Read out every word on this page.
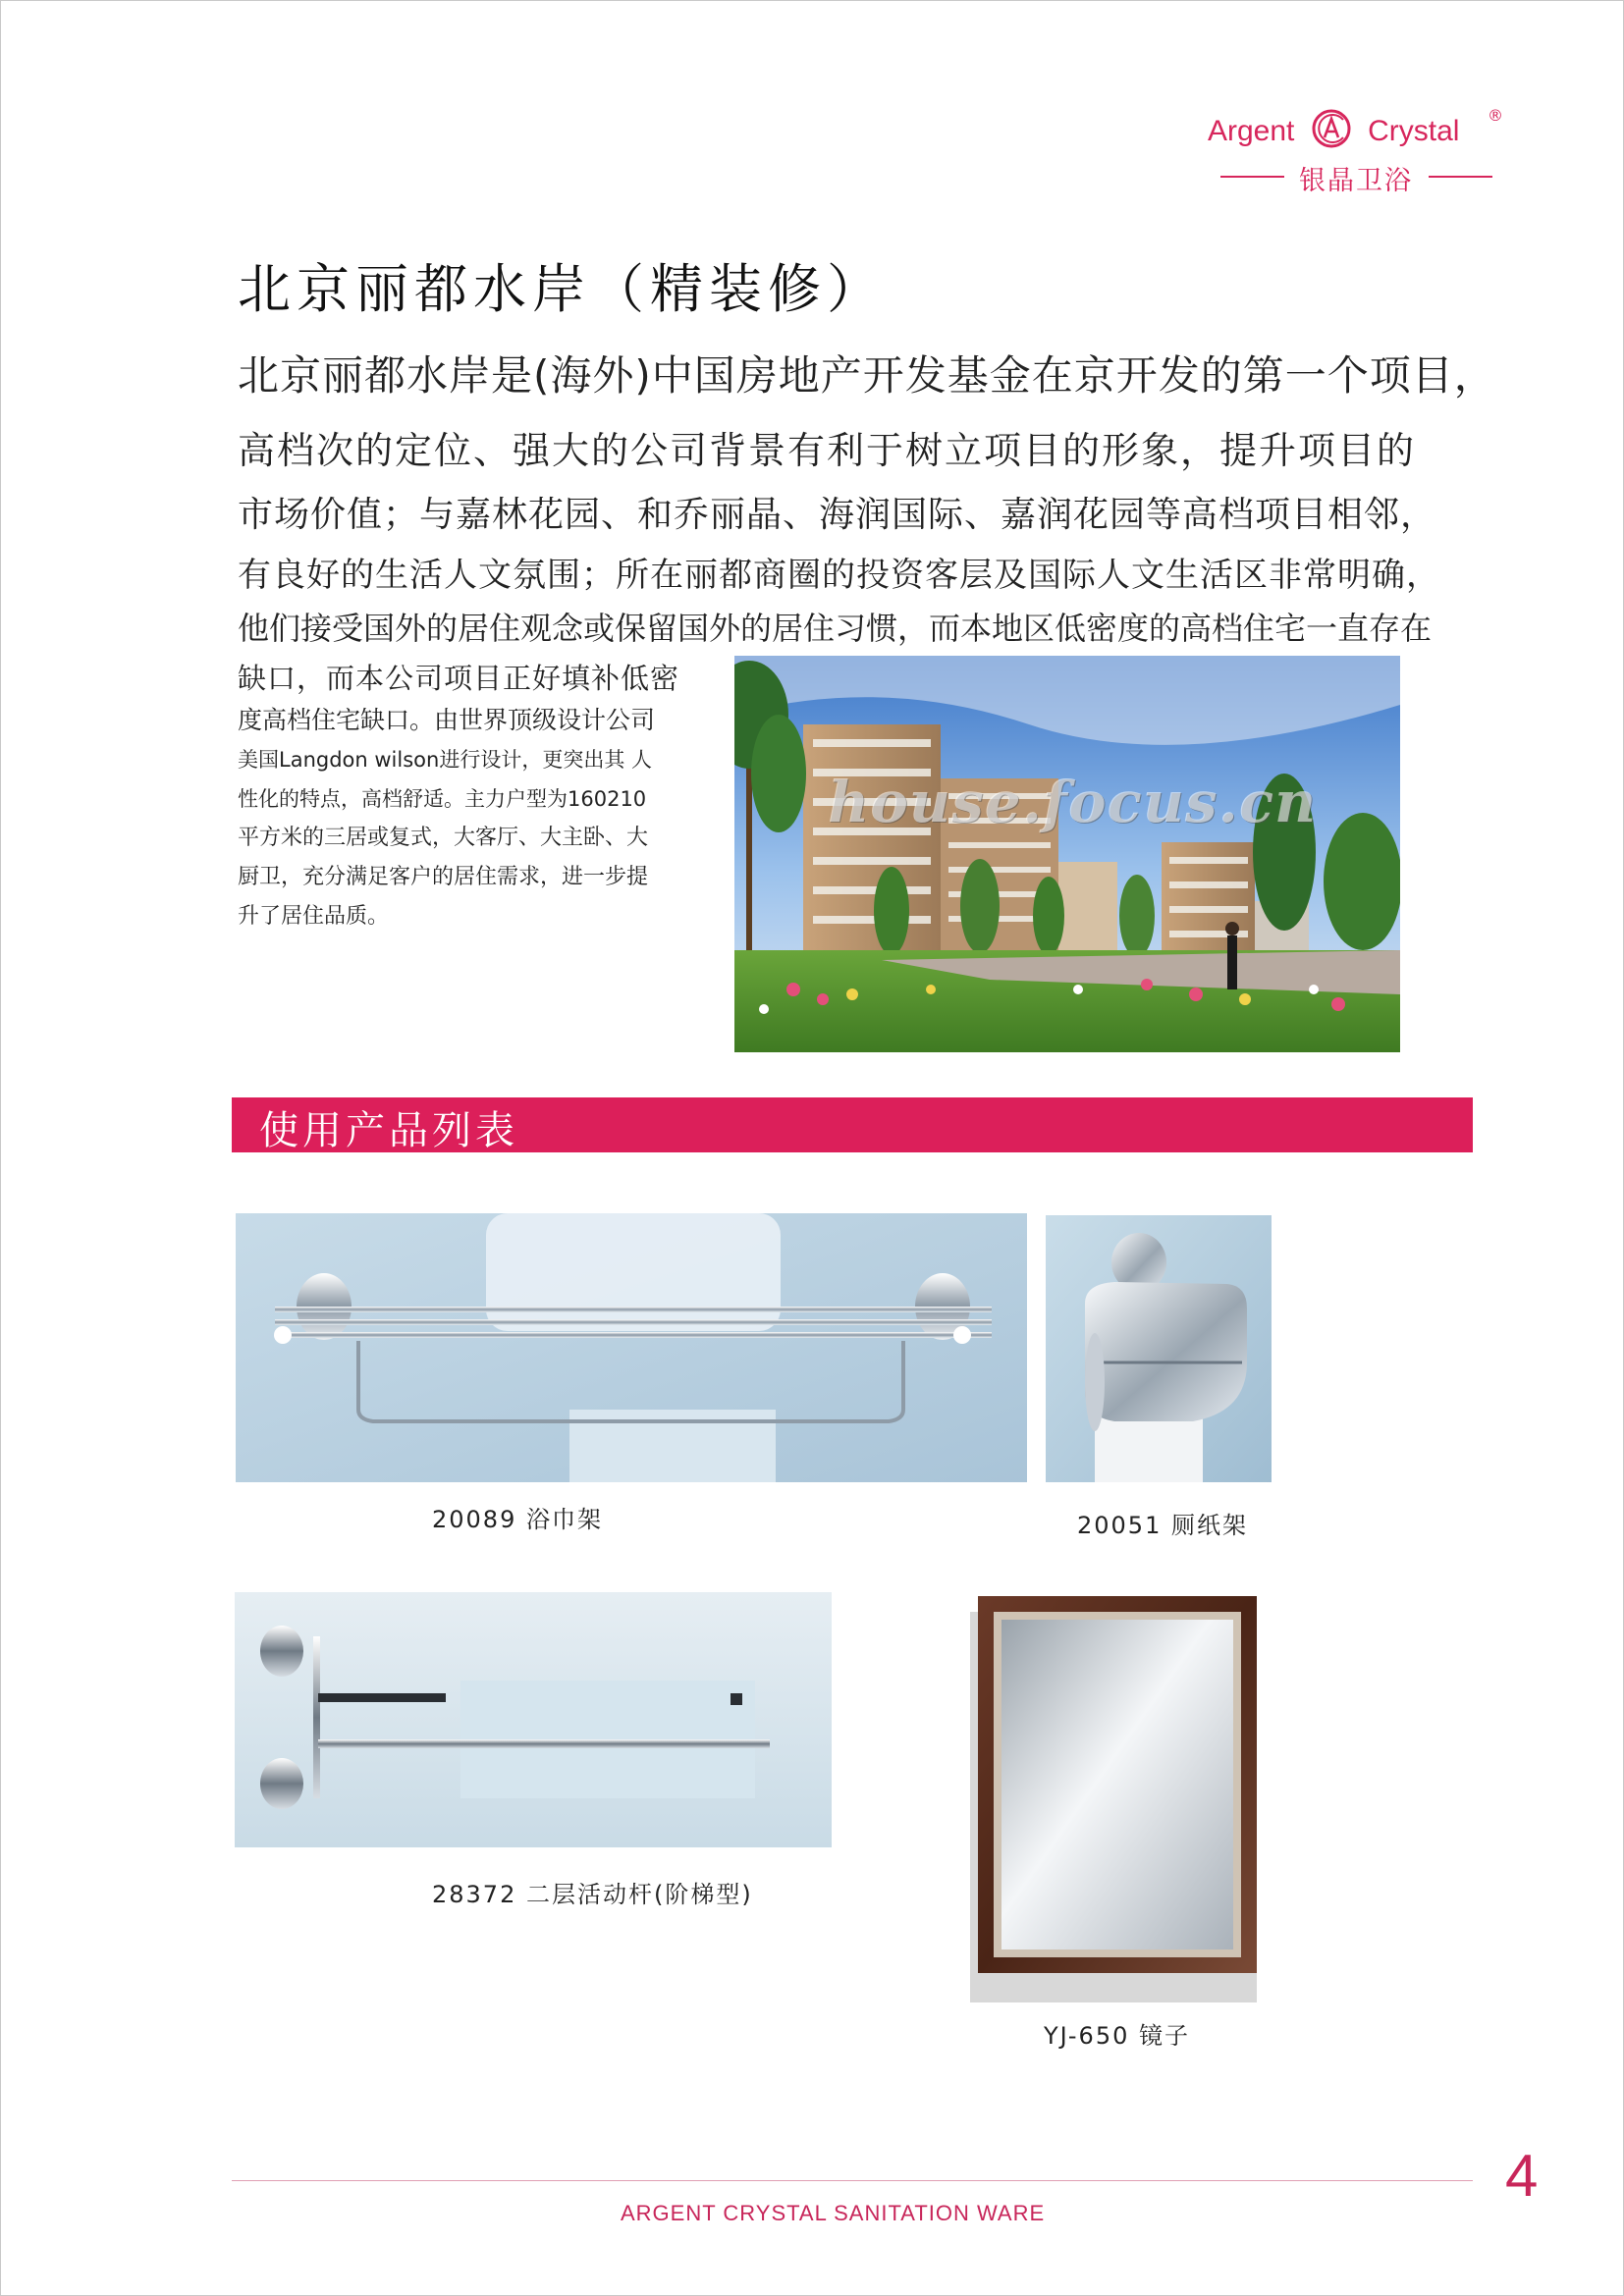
Argent Crystal ®
银晶卫浴
北京丽都水岸（精装修）
北京丽都水岸是(海外)中国房地产开发基金在京开发的第一个项目，
高档次的定位、强大的公司背景有利于树立项目的形象，提升项目的
市场价值；与嘉林花园、和乔丽晶、海润国际、嘉润花园等高档项目相邻，
有良好的生活人文氛围；所在丽都商圈的投资客层及国际人文生活区非常明确，
他们接受国外的居住观念或保留国外的居住习惯，而本地区低密度的高档住宅一直存在
缺口，而本公司项目正好填补低密
度高档住宅缺口。由世界顶级设计公司
美国Langdon wilson进行设计，更突出其 人
性化的特点，高档舒适。主力户型为160210
平方米的三居或复式，大客厅、大主卧、大
厨卫，充分满足客户的居住需求，进一步提
升了居住品质。
house.focus.cn
使用产品列表
20089 浴巾架	20051 厕纸架
28372 二层活动杆(阶梯型)
YJ-650 镜子
4
ARGENT CRYSTAL SANITATION WARE
